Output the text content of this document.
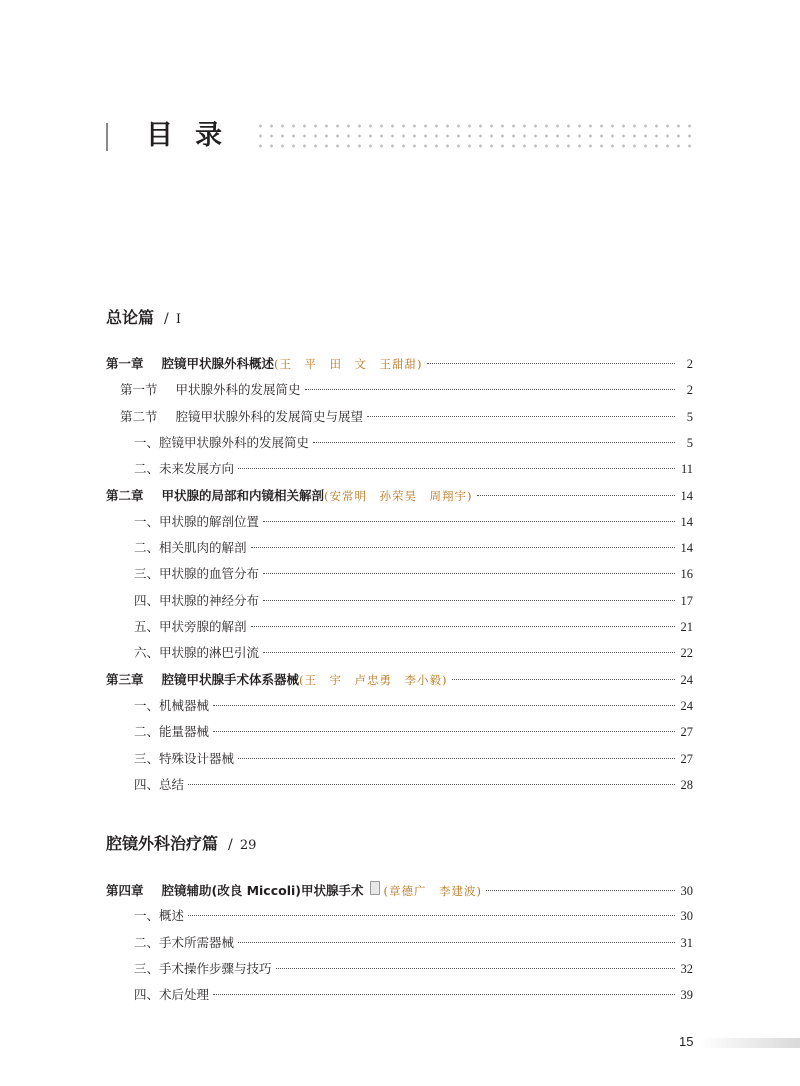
目录
总论篇 / I
第一章 腔镜甲状腺外科概述 (王　平　田　文　王甜甜)	2
第一节 甲状腺外科的发展简史	2
第二节 腔镜甲状腺外科的发展简史与展望	5
一、腔镜甲状腺外科的发展简史	5
二、未来发展方向	11
第二章 甲状腺的局部和内镜相关解剖 (安常明　孙荣昊　周翔宇)	14
一、甲状腺的解剖位置	14
二、相关肌肉的解剖	14
三、甲状腺的血管分布	16
四、甲状腺的神经分布	17
五、甲状旁腺的解剖	21
六、甲状腺的淋巴引流	22
第三章 腔镜甲状腺手术体系器械 (王　宇　卢忠勇　李小毅)	24
一、机械器械	24
二、能量器械	27
三、特殊设计器械	27
四、总结	28
腔镜外科治疗篇 / 29
第四章 腔镜辅助(改良 Miccoli)甲状腺手术 (章德广　李建波)	30
一、概述	30
二、手术所需器械	31
三、手术操作步骤与技巧	32
四、术后处理	39
15
